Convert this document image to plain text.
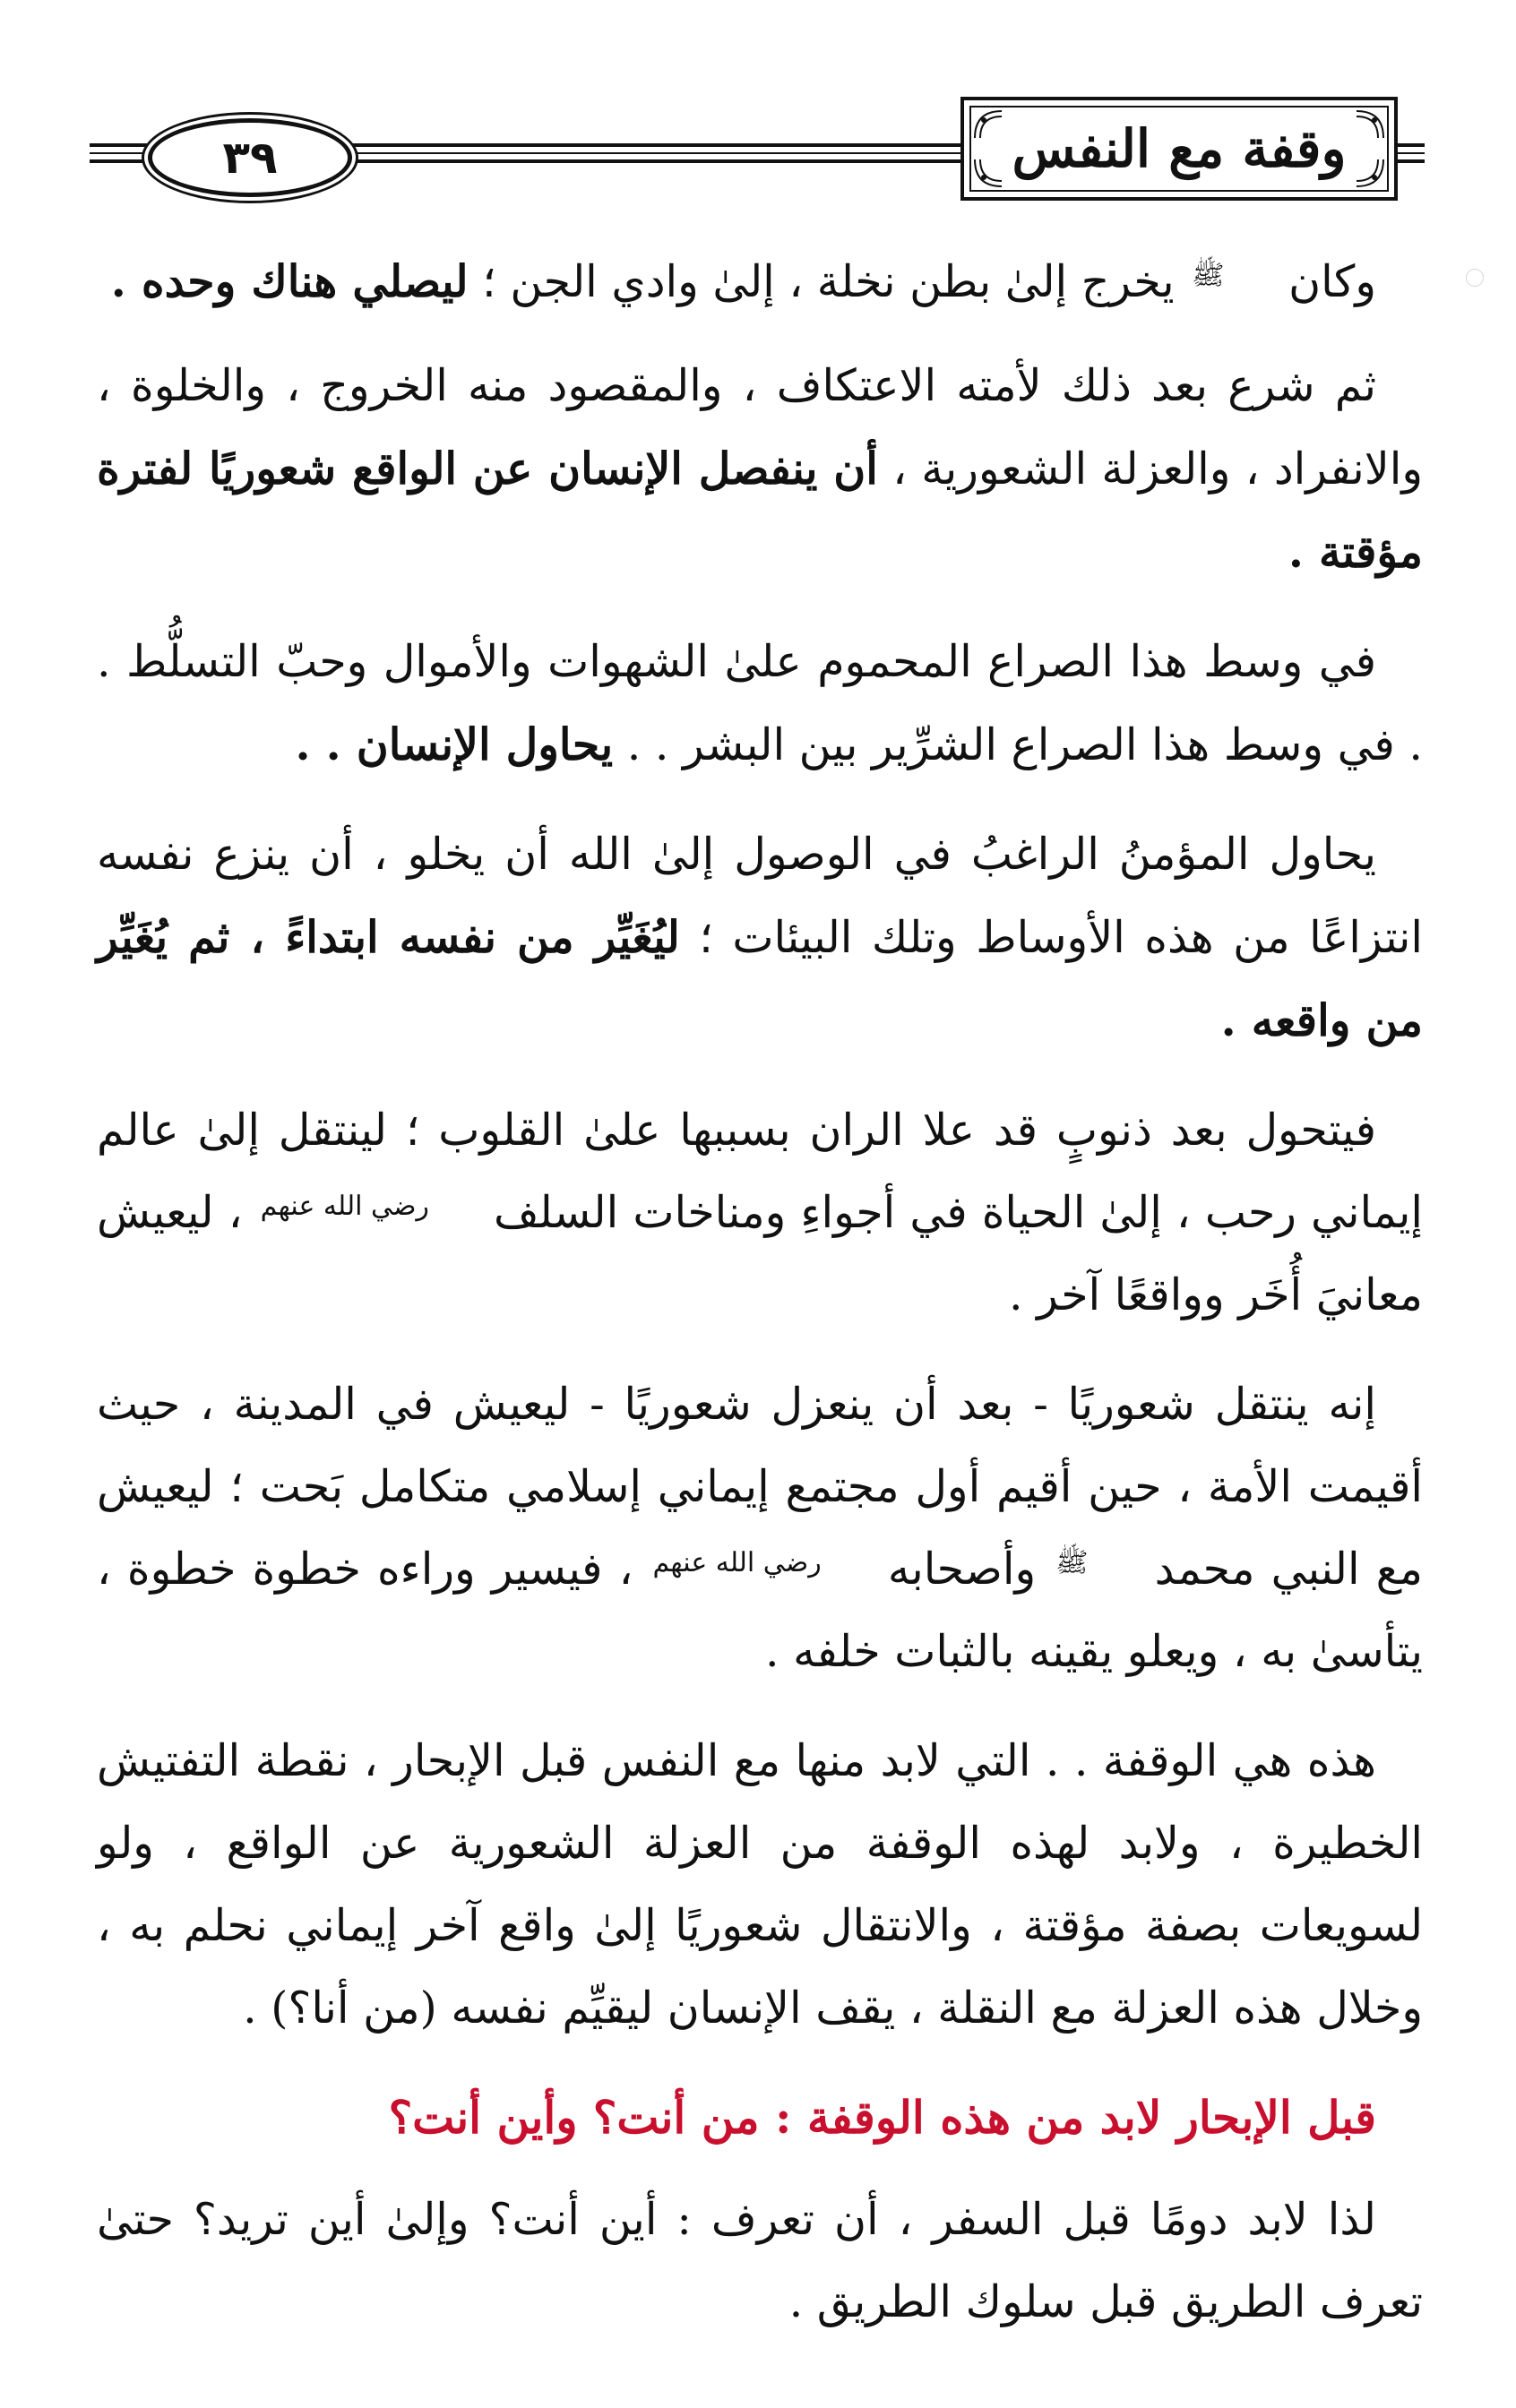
٣٩	وقفة مع النفس

وكان ﷺ يخرج إلىٰ بطن نخلة ، إلىٰ وادي الجن ؛ ليصلي هناك وحده .

ثم شرع بعد ذلك لأمته الاعتكاف ، والمقصود منه الخروج ، والخلوة ، والانفراد ، والعزلة الشعورية ، أن ينفصل الإنسان عن الواقع شعوريًا لفترة مؤقتة .

في وسط هذا الصراع المحموم علىٰ الشهوات والأموال وحبّ التسلُّط . . في وسط هذا الصراع الشرِّير بين البشر . . يحاول الإنسان . .

يحاول المؤمنُ الراغبُ في الوصول إلىٰ الله أن يخلو ، أن ينزع نفسه انتزاعًا من هذه الأوساط وتلك البيئات ؛ ليُغَيِّر من نفسه ابتداءً ، ثم يُغَيِّر من واقعه .

فيتحول بعد ذنوبٍ قد علا الران بسببها علىٰ القلوب ؛ لينتقل إلىٰ عالم إيماني رحب ، إلىٰ الحياة في أجواءِ ومناخات السلف رضي الله عنهم ، ليعيش معانيَ أُخَر وواقعًا آخر .

إنه ينتقل شعوريًا - بعد أن ينعزل شعوريًا - ليعيش في المدينة ، حيث أقيمت الأمة ، حين أقيم أول مجتمع إيماني إسلامي متكامل بَحت ؛ ليعيش مع النبي محمد ﷺ وأصحابه رضي الله عنهم ، فيسير وراءه خطوة خطوة ، يتأسىٰ به ، ويعلو يقينه بالثبات خلفه .

هذه هي الوقفة . . التي لابد منها مع النفس قبل الإبحار ، نقطة التفتيش الخطيرة ، ولابد لهذه الوقفة من العزلة الشعورية عن الواقع ، ولو لسويعات بصفة مؤقتة ، والانتقال شعوريًا إلىٰ واقع آخر إيماني نحلم به ، وخلال هذه العزلة مع النقلة ، يقف الإنسان ليقيِّم نفسه (من أنا؟) .

قبل الإبحار لابد من هذه الوقفة : من أنت؟ وأين أنت؟

لذا لابد دومًا قبل السفر ، أن تعرف : أين أنت؟ وإلىٰ أين تريد؟ حتىٰ تعرف الطريق قبل سلوك الطريق .
